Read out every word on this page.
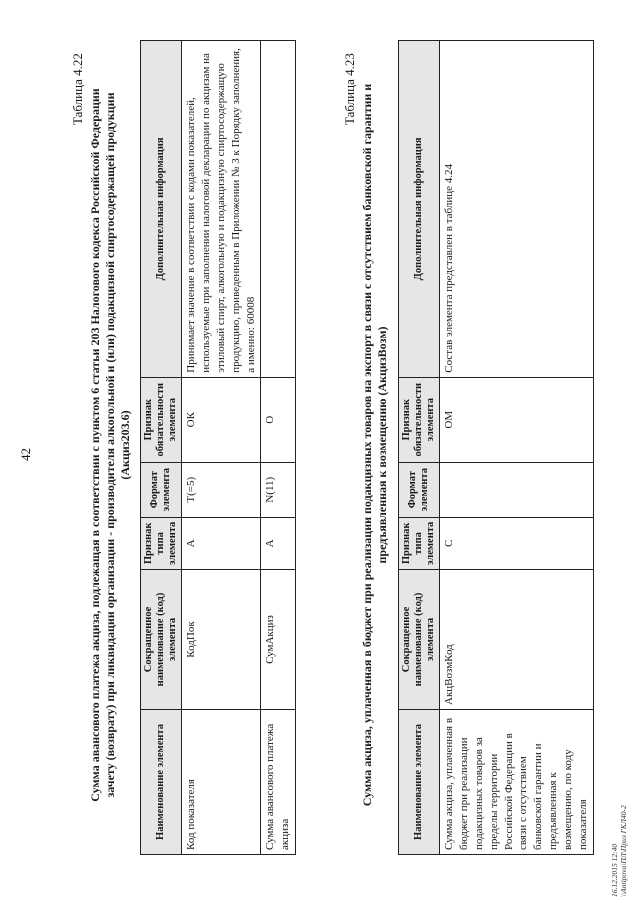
42
Таблица 4.22 Сумма авансового платежа акциза, подлежащая в соответствии с пунктом 6 статьи 203 Налогового кодекса Российской Федерации зачету (возврату) при ликвидации организации - производителя алкогольной и (или) подакцизной спиртосодержащей продукции (Акциз203.6)
Наименование элемента	Сокращенное наименование (код) элемента	Признак типа элемента	Формат элемента	Признак обязательности элемента	Дополнительная информация
Код показателя	КодПок	А	T(=5)	ОК	Принимает значение в соответствии с кодами показателей, используемые при заполнении налоговой декларации по акцизам на этиловый спирт, алкогольную и подакцизную спиртосодержащую продукцию, приведенным в Приложении № 3 к Порядку заполнения, а именно: 60008
Сумма авансового платежа акциза	СумАкциз	А	N(11)	О	
Таблица 4.23 Сумма акциза, уплаченная в бюджет при реализации подакцизных товаров на экспорт в связи с отсутствием банковской гарантии и предъявленная к возмещению (АкцизВозм)
Наименование элемента	Сокращенное наименование (код) элемента	Признак типа элемента	Формат элемента	Признак обязательности элемента	Дополнительная информация
Сумма акциза, уплаченная в бюджет при реализации подакцизных товаров за пределы территории Российской Федерации в связи с отсутствием банковской гарантии и предъявленная к возмещению, по коду показателя	АкцВозмКод	С		ОМ	Состав элемента представлен в таблице 4.24
16.12.2015 12:40 \\Antipova\ПЛ\Приз ГКЛ40-2
